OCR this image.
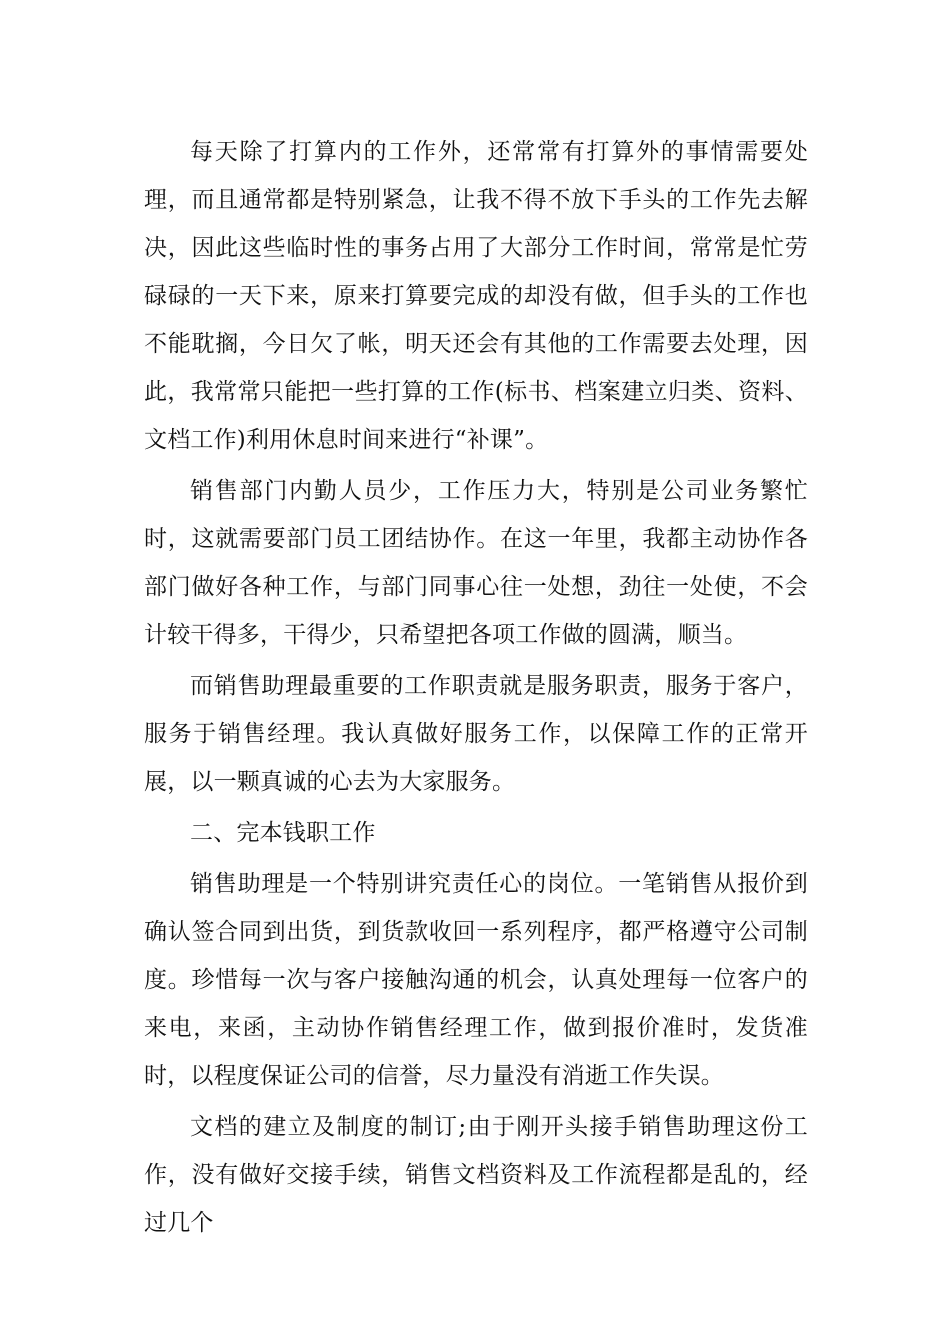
每天除了打算内的工作外，还常常有打算外的事情需要处理，而且通常都是特别紧急，让我不得不放下手头的工作先去解决，因此这些临时性的事务占用了大部分工作时间，常常是忙劳碌碌的一天下来，原来打算要完成的却没有做，但手头的工作也不能耽搁，今日欠了帐，明天还会有其他的工作需要去处理，因此，我常常只能把一些打算的工作(标书、档案建立归类、资料、文档工作)利用休息时间来进行“补课”。

销售部门内勤人员少，工作压力大，特别是公司业务繁忙时，这就需要部门员工团结协作。在这一年里，我都主动协作各部门做好各种工作，与部门同事心往一处想，劲往一处使，不会计较干得多，干得少，只希望把各项工作做的圆满，顺当。

而销售助理最重要的工作职责就是服务职责，服务于客户，服务于销售经理。我认真做好服务工作，以保障工作的正常开展，以一颗真诚的心去为大家服务。

二、完本钱职工作

销售助理是一个特别讲究责任心的岗位。一笔销售从报价到确认签合同到出货，到货款收回一系列程序，都严格遵守公司制度。珍惜每一次与客户接触沟通的机会，认真处理每一位客户的来电，来函，主动协作销售经理工作，做到报价准时，发货准时，以程度保证公司的信誉，尽力量没有消逝工作失误。

文档的建立及制度的制订;由于刚开头接手销售助理这份工作，没有做好交接手续，销售文档资料及工作流程都是乱的，经过几个
